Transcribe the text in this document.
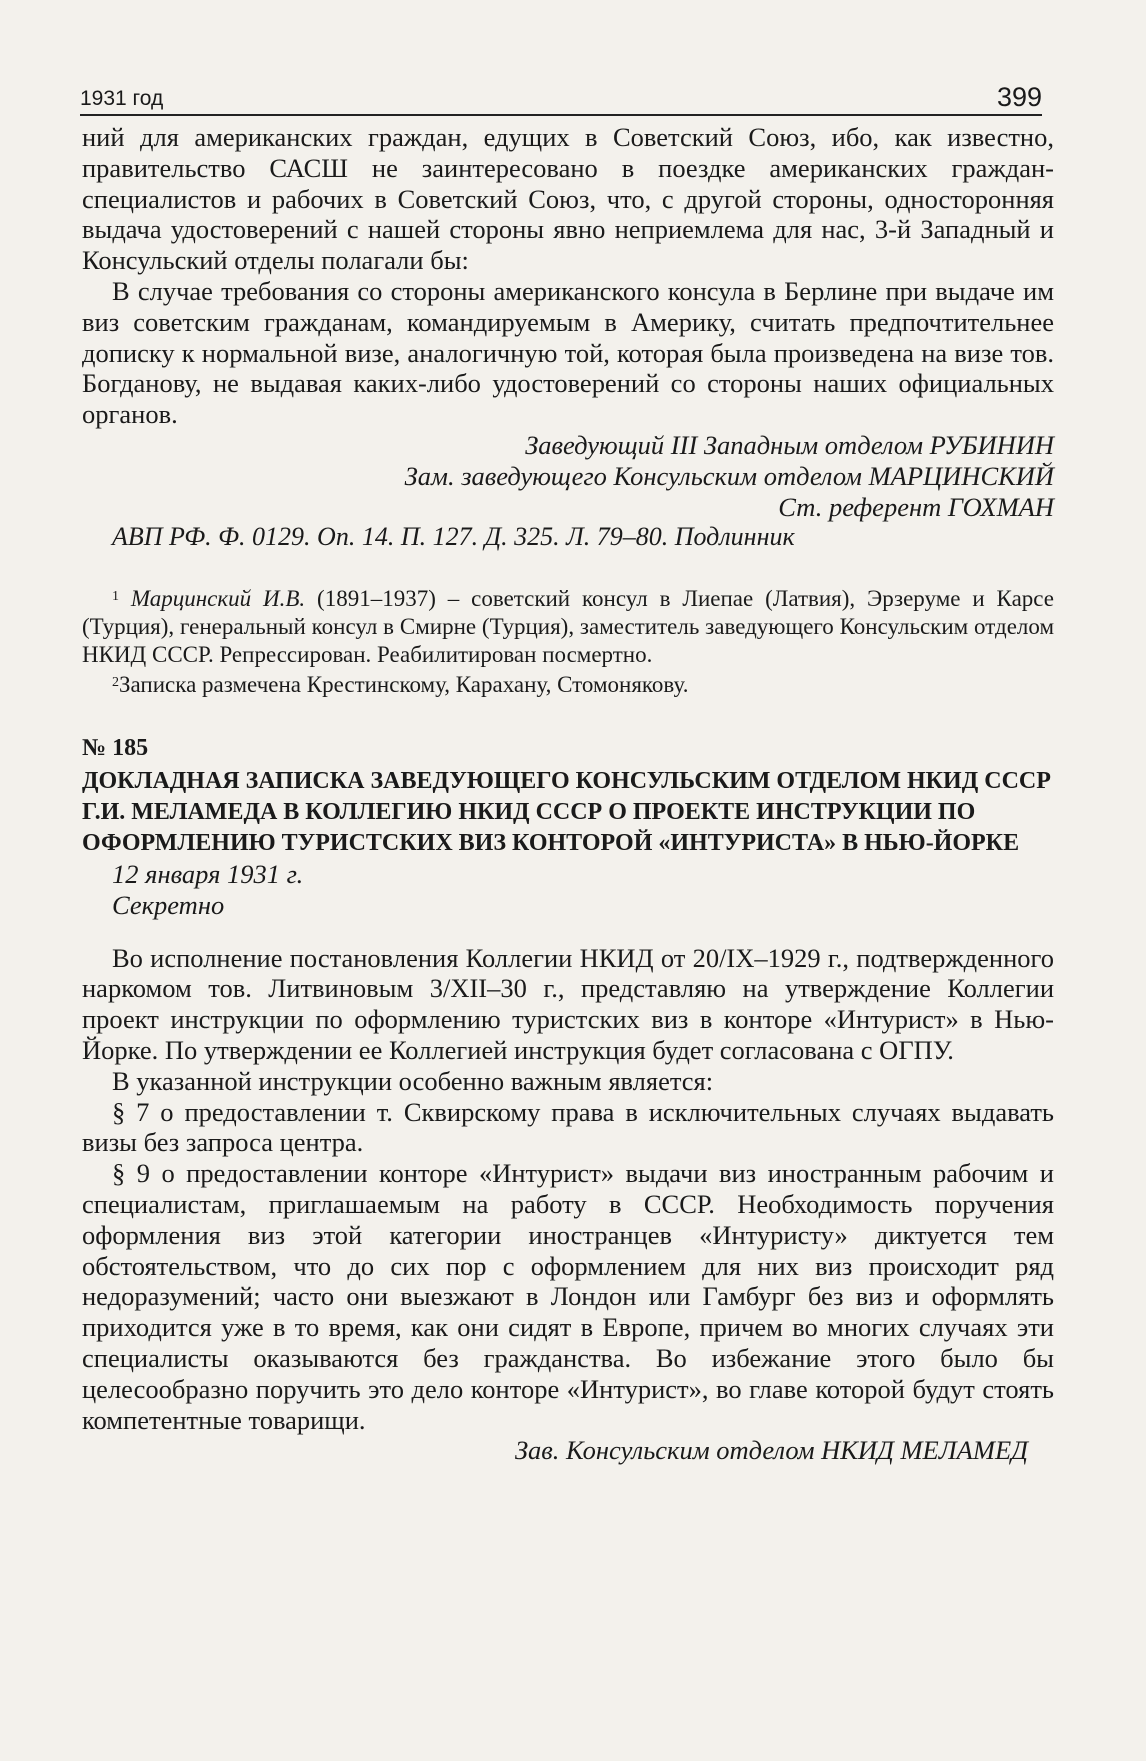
1931 год	399

ний для американских граждан, едущих в Советский Союз, ибо, как известно, правительство САСШ не заинтересовано в поездке американских граждан-специалистов и рабочих в Советский Союз, что, с другой стороны, односторонняя выдача удостоверений с нашей стороны явно неприемлема для нас, 3-й Западный и Консульский отделы полагали бы:

В случае требования со стороны американского консула в Берлине при выдаче им виз советским гражданам, командируемым в Америку, считать предпочтительнее дописку к нормальной визе, аналогичную той, которая была произведена на визе тов. Богданову, не выдавая каких-либо удостоверений со стороны наших официальных органов.

Заведующий III Западным отделом РУБИНИН

Зам. заведующего Консульским отделом МАРЦИНСКИЙ

Ст. референт ГОХМАН

АВП РФ. Ф. 0129. Оп. 14. П. 127. Д. 325. Л. 79–80. Подлинник

$^1$ Марцинский И.В. (1891–1937) – советский консул в Лиепае (Латвия), Эрзеруме и Карсе (Турция), генеральный консул в Смирне (Турция), заместитель заведующего Консульским отделом НКИД СССР. Репрессирован. Реабилитирован посмертно.

$^2$Записка размечена Крестинскому, Карахану, Стомонякову.

№ 185
ДОКЛАДНАЯ ЗАПИСКА ЗАВЕДУЮЩЕГО КОНСУЛЬСКИМ ОТДЕЛОМ НКИД СССР Г.И. МЕЛАМЕДА В КОЛЛЕГИЮ НКИД СССР О ПРОЕКТЕ ИНСТРУКЦИИ ПО ОФОРМЛЕНИЮ ТУРИСТСКИХ ВИЗ КОНТОРОЙ «ИНТУРИСТА» В НЬЮ-ЙОРКЕ

12 января 1931 г.

Секретно

Во исполнение постановления Коллегии НКИД от 20/IX–1929 г., подтвержденного наркомом тов. Литвиновым 3/XII–30 г., представляю на утверждение Коллегии проект инструкции по оформлению туристских виз в конторе «Интурист» в Нью-Йорке. По утверждении ее Коллегией инструкция будет согласована с ОГПУ.

В указанной инструкции особенно важным является:

§ 7 о предоставлении т. Сквирскому права в исключительных случаях выдавать визы без запроса центра.

§ 9 о предоставлении конторе «Интурист» выдачи виз иностранным рабочим и специалистам, приглашаемым на работу в СССР. Необходимость поручения оформления виз этой категории иностранцев «Интуристу» диктуется тем обстоятельством, что до сих пор с оформлением для них виз происходит ряд недоразумений; часто они выезжают в Лондон или Гамбург без виз и оформлять приходится уже в то время, как они сидят в Европе, причем во многих случаях эти специалисты оказываются без гражданства. Во избежание этого было бы целесообразно поручить это дело конторе «Интурист», во главе которой будут стоять компетентные товарищи.

Зав. Консульским отделом НКИД МЕЛАМЕД
